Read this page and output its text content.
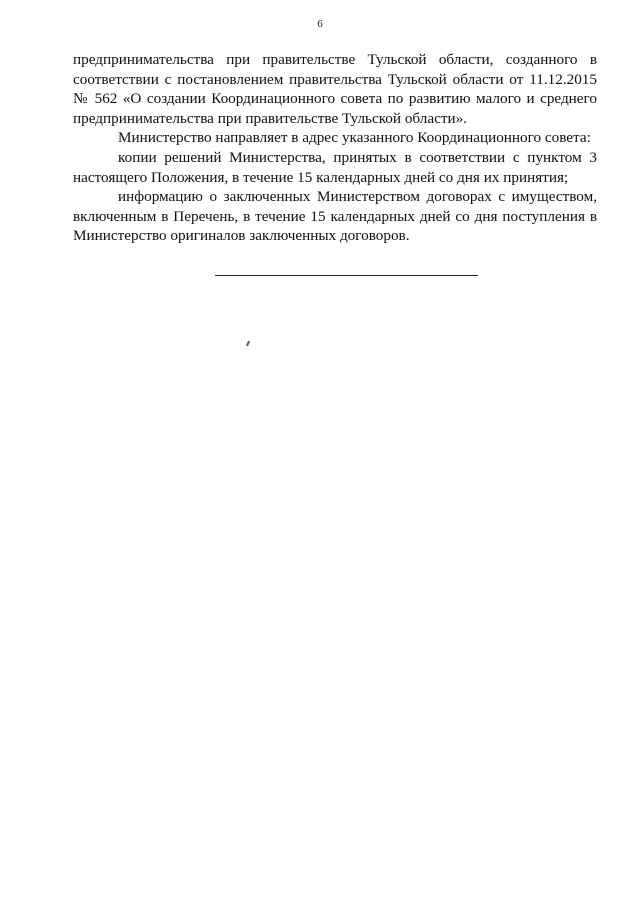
6
предпринимательства при правительстве Тульской области, созданного в
соответствии с постановлением правительства Тульской области от 11.12.2015
№ 562 «О создании Координационного совета по развитию малого и среднего
предпринимательства при правительстве Тульской области».
Министерство направляет в адрес указанного Координационного совета:
копии решений Министерства, принятых в соответствии с пунктом 3
настоящего Положения, в течение 15 календарных дней со дня их принятия;
информацию о заключенных Министерством договорах с имуществом,
включенным в Перечень, в течение 15 календарных дней со дня поступления в
Министерство оригиналов заключенных договоров.
